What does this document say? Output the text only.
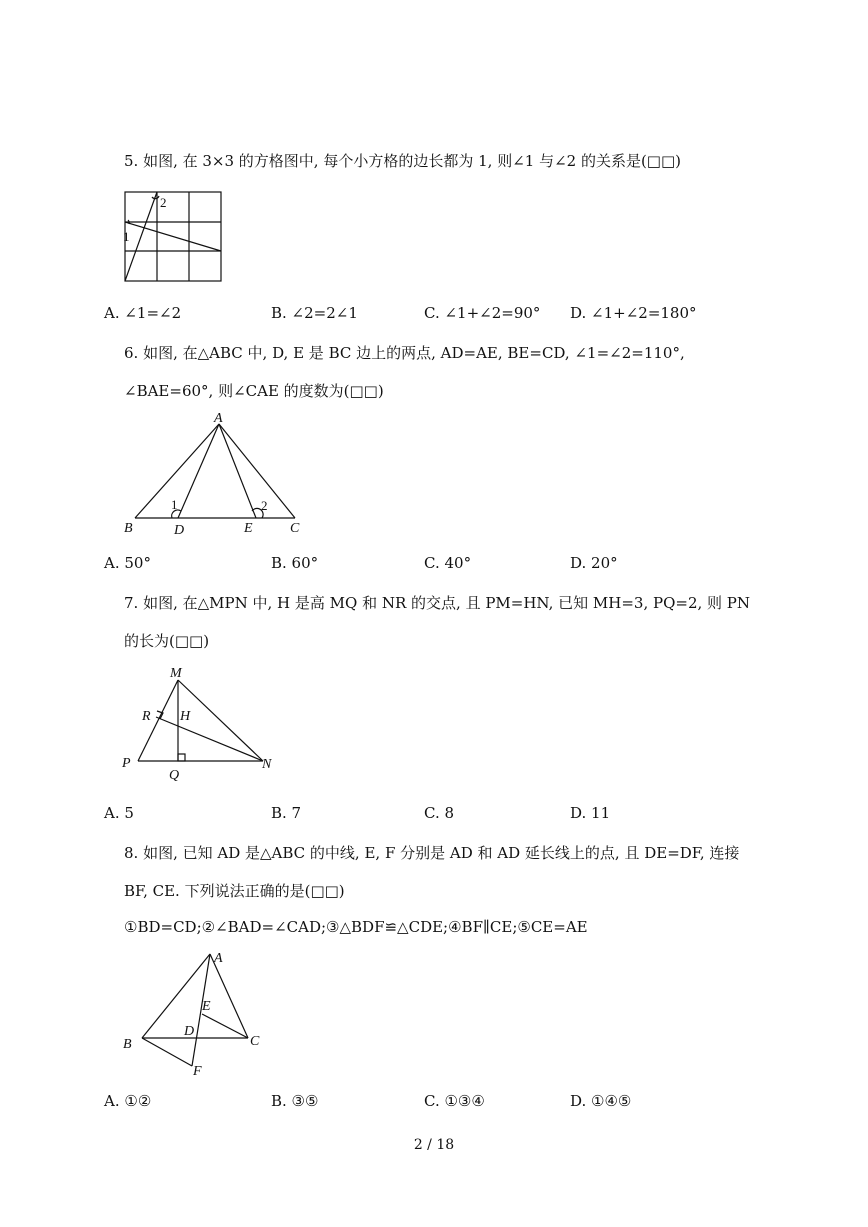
5. 如图, 在 3×3 的方格图中, 每个小方格的边长都为 1, 则∠1 与∠2 的关系是(□□)
2
1
A. ∠1=∠2	B. ∠2=2∠1	C. ∠1+∠2=90° D. ∠1+∠2=180°
6. 如图, 在△ABC 中, D, E 是 BC 边上的两点, AD=AE, BE=CD, ∠1=∠2=110°,
∠BAE=60°, 则∠CAE 的度数为(□□)
A
B	C
D	E
1	2
A. 50°	B. 60°	C. 40°	D. 20°
7. 如图, 在△MPN 中, H 是高 MQ 和 NR 的交点, 且 PM=HN, 已知 MH=3, PQ=2, 则 PN
的长为(□□)
M
R H
P
Q
N
A. 5	B. 7	C. 8	D. 11
8. 如图, 已知 AD 是△ABC 的中线, E, F 分别是 AD 和 AD 延长线上的点, 且 DE=DF, 连接
BF, CE. 下列说法正确的是(□□)
①BD=CD;②∠BAD=∠CAD;③△BDF≌△CDE;④BF∥CE;⑤CE=AE
A
B	C
D
E
F
A. ①②	B. ③⑤	C. ①③④	D. ①④⑤
2 / 18
